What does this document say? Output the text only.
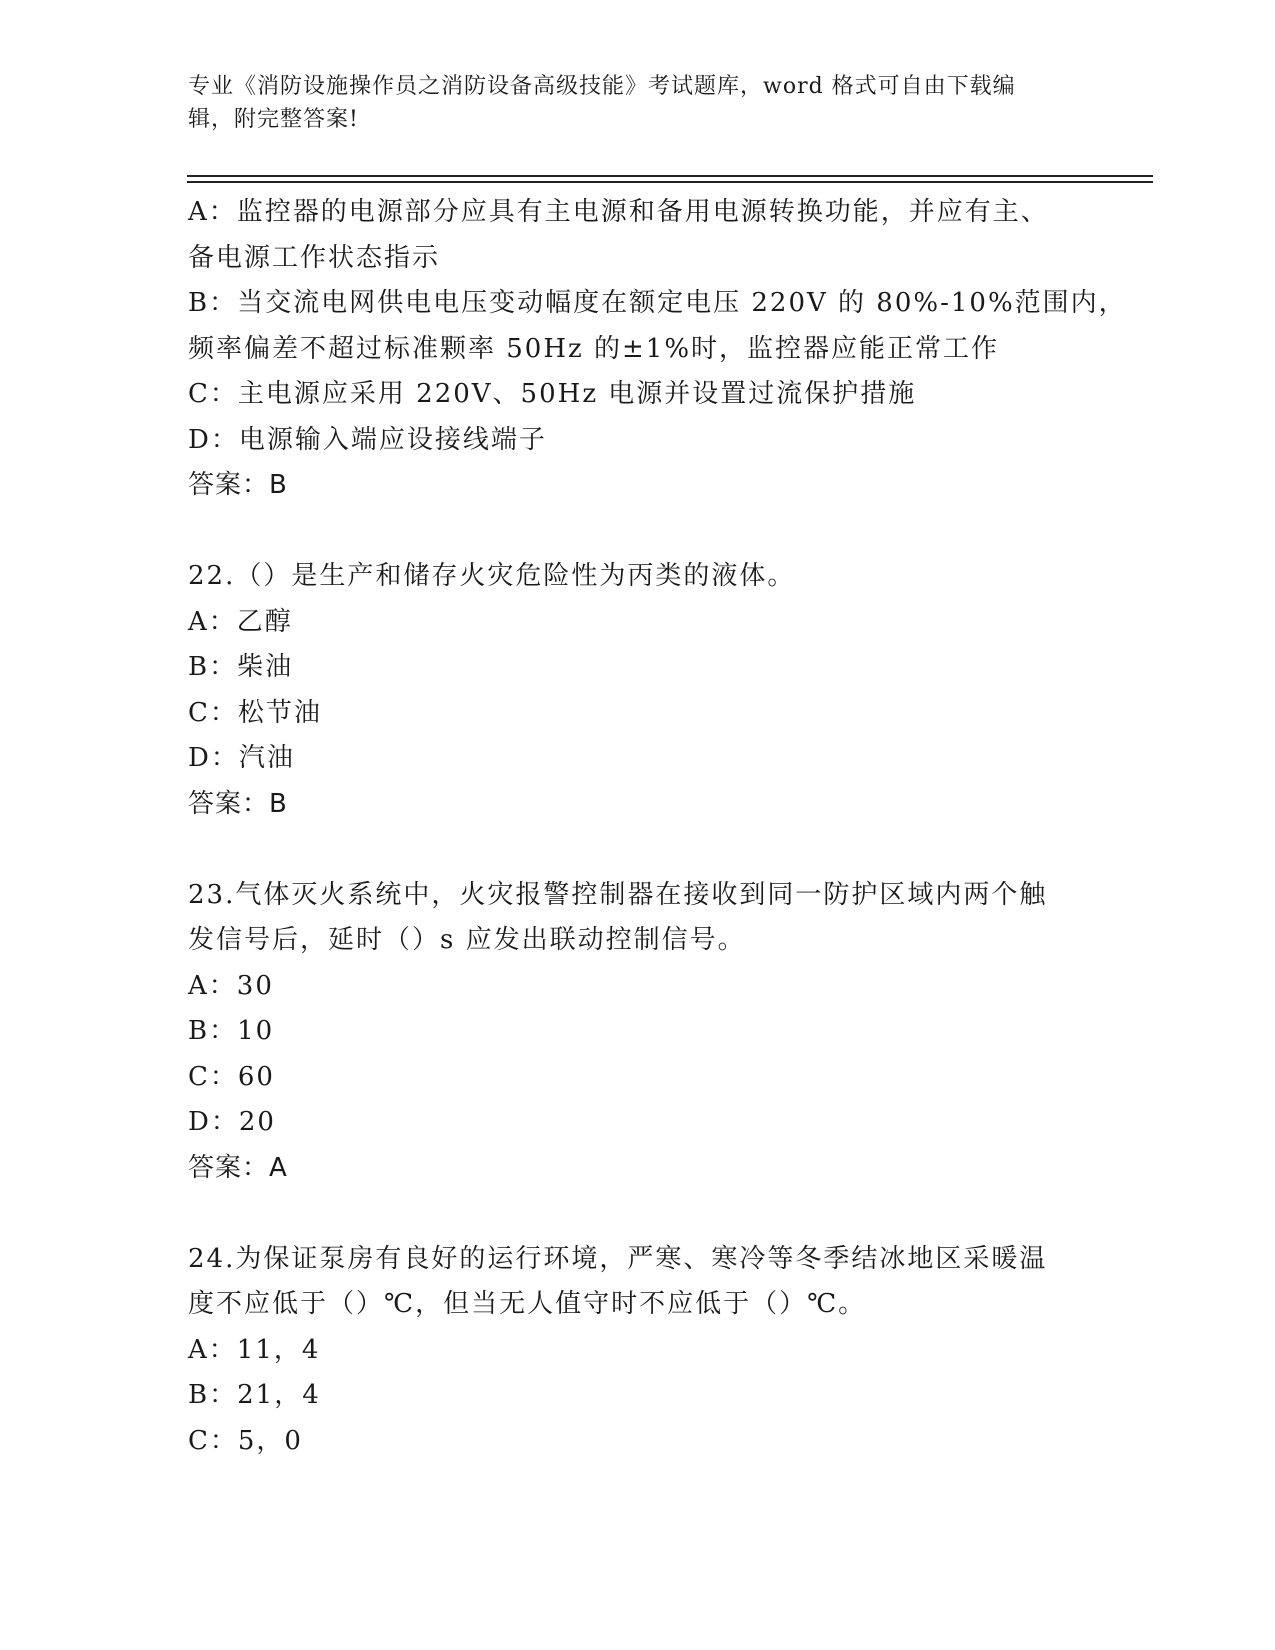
专业《消防设施操作员之消防设备高级技能》考试题库，word 格式可自由下载编
辑，附完整答案!
A：监控器的电源部分应具有主电源和备用电源转换功能，并应有主、
备电源工作状态指示
B：当交流电网供电电压变动幅度在额定电压 220V 的 80%-10%范围内，
频率偏差不超过标准颗率 50Hz 的±1%时，监控器应能正常工作
C：主电源应采用 220V、50Hz 电源并设置过流保护措施
D：电源输入端应设接线端子
答案：B
22.（）是生产和储存火灾危险性为丙类的液体。
A：乙醇
B：柴油
C：松节油
D：汽油
答案：B
23.气体灭火系统中，火灾报警控制器在接收到同一防护区域内两个触
发信号后，延时（）s 应发出联动控制信号。
A：30
B：10
C：60
D：20
答案：A
24.为保证泵房有良好的运行环境，严寒、寒冷等冬季结冰地区采暖温
度不应低于（）℃，但当无人值守时不应低于（）℃。
A：11，4
B：21，4
C：5，0
